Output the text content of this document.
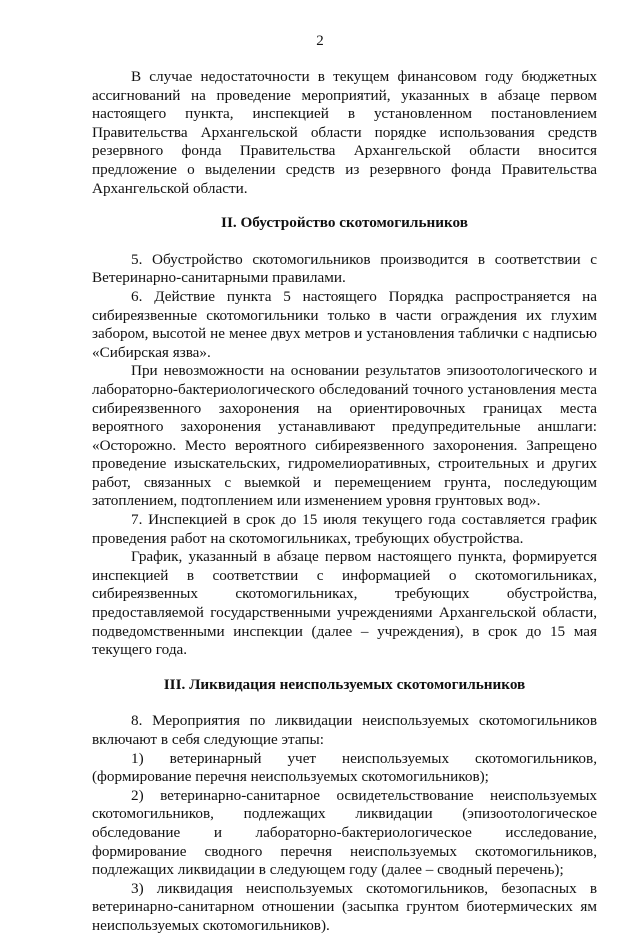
2

В случае недостаточности в текущем финансовом году бюджетных ассигнований на проведение мероприятий, указанных в абзаце первом настоящего пункта, инспекцией в установленном постановлением Правительства Архангельской области порядке использования средств резервного фонда Правительства Архангельской области вносится предложение о выделении средств из резервного фонда Правительства Архангельской области.

II. Обустройство скотомогильников

5. Обустройство скотомогильников производится в соответствии с Ветеринарно-санитарными правилами.

6. Действие пункта 5 настоящего Порядка распространяется на сибиреязвенные скотомогильники только в части ограждения их глухим забором, высотой не менее двух метров и установления таблички с надписью «Сибирская язва».

При невозможности на основании результатов эпизоотологического и лабораторно-бактериологического обследований точного установления места сибиреязвенного захоронения на ориентировочных границах места вероятного захоронения устанавливают предупредительные аншлаги: «Осторожно. Место вероятного сибиреязвенного захоронения. Запрещено проведение изыскательских, гидромелиоративных, строительных и других работ, связанных с выемкой и перемещением грунта, последующим затоплением, подтоплением или изменением уровня грунтовых вод».

7. Инспекцией в срок до 15 июля текущего года составляется график проведения работ на скотомогильниках, требующих обустройства.

График, указанный в абзаце первом настоящего пункта, формируется инспекцией в соответствии с информацией о скотомогильниках, сибиреязвенных скотомогильниках, требующих обустройства, предоставляемой государственными учреждениями Архангельской области, подведомственными инспекции (далее – учреждения), в срок до 15 мая текущего года.

III. Ликвидация неиспользуемых скотомогильников

8. Мероприятия по ликвидации неиспользуемых скотомогильников включают в себя следующие этапы:

1) ветеринарный учет неиспользуемых скотомогильников, (формирование перечня неиспользуемых скотомогильников);

2) ветеринарно-санитарное освидетельствование неиспользуемых скотомогильников, подлежащих ликвидации (эпизоотологическое обследование и лабораторно-бактериологическое исследование, формирование сводного перечня неиспользуемых скотомогильников, подлежащих ликвидации в следующем году (далее – сводный перечень);

3) ликвидация неиспользуемых скотомогильников, безопасных в ветеринарно-санитарном отношении (засыпка грунтом биотермических ям неиспользуемых скотомогильников).
